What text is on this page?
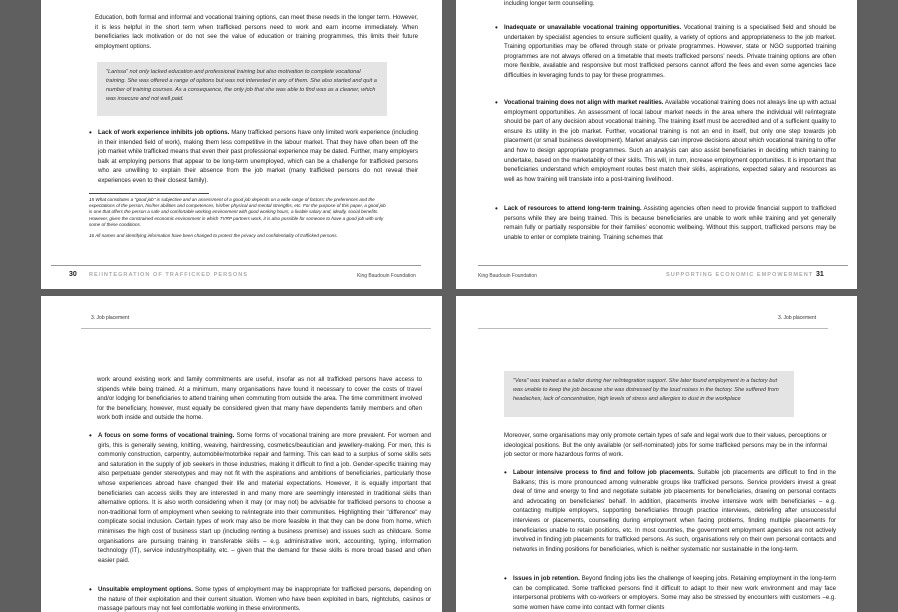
Education, both formal and informal and vocational training options, can meet these needs in the longer term. However, it is less helpful in the short term when trafficked persons need to work and earn income immediately. When beneficiaries lack motivation or do not see the value of education or training programmes, this limits their future employment options.

"Larissa" not only lacked education and professional training but also motivation to complete vocational training. She was offered a range of options but was not interested in any of them. She also started and quit a number of training courses. As a consequence, the only job that she was able to find was as a cleaner, which was insecure and not well paid.

• Lack of work experience inhibits job options. Many trafficked persons have only limited work experience (including in their intended field of work), making them less competitive in the labour market. That they have often been off the job market while trafficked means that even their past professional experience may be dated. Further, many employers balk at employing persons that appear to be long-term unemployed, which can be a challenge for trafficked persons who are unwilling to explain their absence from the job market (many trafficked persons do not reveal their experiences even to their closest family).

15 What constitutes a "good job" is subjective and an assessment of a good job depends on a wide range of factors: the preferences and the expectations of the person, his/her abilities and competences, his/her physical and mental strengths, etc. For the purpose of this paper, a good job is one that offers the person a safe and comfortable working environment with good working hours, a livable salary and, ideally, social benefits. However, given the constrained economic environment in which TVRP partners work, it is also possible for someone to have a good job with only some of these conditions.

16 All names and identifying information have been changed to protect the privacy and confidentiality of trafficked persons.

30 RE/INTEGRATION OF TRAFFICKED PERSONS	King Baudouin Foundation

including longer term counselling.

• Inadequate or unavailable vocational training opportunities. Vocational training is a specialised field and should be undertaken by specialist agencies to ensure sufficient quality, a variety of options and appropriateness to the job market. Training opportunities may be offered through state or private programmes. However, state or NGO supported training programmes are not always offered on a timetable that meets trafficked persons' needs. Private training options are often more flexible, available and responsive but most trafficked persons cannot afford the fees and even some agencies face difficulties in leveraging funds to pay for these programmes.

• Vocational training does not align with market realities. Available vocational training does not always line up with actual employment opportunities. An assessment of local labour market needs in the area where the individual will re/integrate should be part of any decision about vocational training. The training itself must be accredited and of a sufficient quality to ensure its utility in the job market. Further, vocational training is not an end in itself, but only one step towards job placement (or small business development). Market analysis can improve decisions about which vocational training to offer and how to design appropriate programmes. Such an analysis can also assist beneficiaries in deciding which training to undertake, based on the marketability of their skills. This will, in turn, increase employment opportunities. It is important that beneficiaries understand which employment routes best match their skills, aspirations, expected salary and resources as well as how training will translate into a post-training livelihood.

• Lack of resources to attend long-term training. Assisting agencies often need to provide financial support to trafficked persons while they are being trained. This is because beneficiaries are unable to work while training and yet generally remain fully or partially responsible for their families' economic wellbeing. Without this support, trafficked persons may be unable to enter or complete training. Training schemes that

King Baudouin Foundation	SUPPORTING ECONOMIC EMPOWERMENT 31
3. Job placement

work around existing work and family commitments are useful, insofar as not all trafficked persons have access to stipends while being trained. At a minimum, many organisations have found it necessary to cover the costs of travel and/or lodging for beneficiaries to attend training when commuting from outside the area. The time commitment involved for the beneficiary, however, must equally be considered given that many have dependents family members and often work both inside and outside the home.

• A focus on some forms of vocational training. Some forms of vocational training are more prevalent. For women and girls, this is generally sewing, knitting, weaving, hairdressing, cosmetics/beautician and jewellery-making. For men, this is commonly construction, carpentry, automobile/motorbike repair and farming. This can lead to a surplus of some skills sets and saturation in the supply of job seekers in those industries, making it difficult to find a job. Gender-specific training may also perpetuate gender stereotypes and may not fit with the aspirations and ambitions of beneficiaries, particularly those whose experiences abroad have changed their life and material expectations. However, it is equally important that beneficiaries can access skills they are interested in and many more are seemingly interested in traditional skills than alternative options. It is also worth considering when it may (or may not) be advisable for trafficked persons to choose a non-traditional form of employment when seeking to re/integrate into their communities. Highlighting their "difference" may complicate social inclusion. Certain types of work may also be more feasible in that they can be done from home, which minimises the high cost of business start up (including renting a business premise) and issues such as childcare. Some organisations are pursuing training in transferable skills – e.g. administrative work, accounting, typing, information technology (IT), service industry/hospitality, etc. – given that the demand for these skills is more broad based and often easier paid.

• Unsuitable employment options. Some types of employment may be inappropriate for trafficked persons, depending on the nature of their exploitation and their current situation. Women who have been exploited in bars, nightclubs, casinos or massage parlours may not feel comfortable working in these environments.

3. Job placement
"Vera" was trained as a tailor during her re/integration support. She later found employment in a factory but was unable to keep the job because she was distressed by the loud noises in the factory. She suffered from headaches, lack of concentration, high levels of stress and allergies to dust in the workplace

Moreover, some organisations may only promote certain types of safe and legal work due to their values, perceptions or ideological positions. But the only available (or self-nominated) jobs for some trafficked persons may be in the informal job sector or more hazardous forms of work.

• Labour intensive process to find and follow job placements. Suitable job placements are difficult to find in the Balkans; this is more pronounced among vulnerable groups like trafficked persons. Service providers invest a great deal of time and energy to find and negotiate suitable job placements for beneficiaries, drawing on personal contacts and advocating on beneficiaries' behalf. In addition, placements involve intensive work with beneficiaries – e.g. contacting multiple employers, supporting beneficiaries through practice interviews, debriefing after unsuccessful interviews or placements, counselling during employment when facing problems, finding multiple placements for beneficiaries unable to retain positions, etc. In most countries, the government employment agencies are not actively involved in finding job placements for trafficked persons. As such, organisations rely on their own personal contacts and networks in finding positions for beneficiaries, which is neither systematic nor sustainable in the long-term.

• Issues in job retention. Beyond finding jobs lies the challenge of keeping jobs. Retaining employment in the long-term can be complicated. Some trafficked persons find it difficult to adapt to their new work environment and may face interpersonal problems with co-workers or employers. Some may also be stressed by encounters with customers –e.g. some women have come into contact with former clients
